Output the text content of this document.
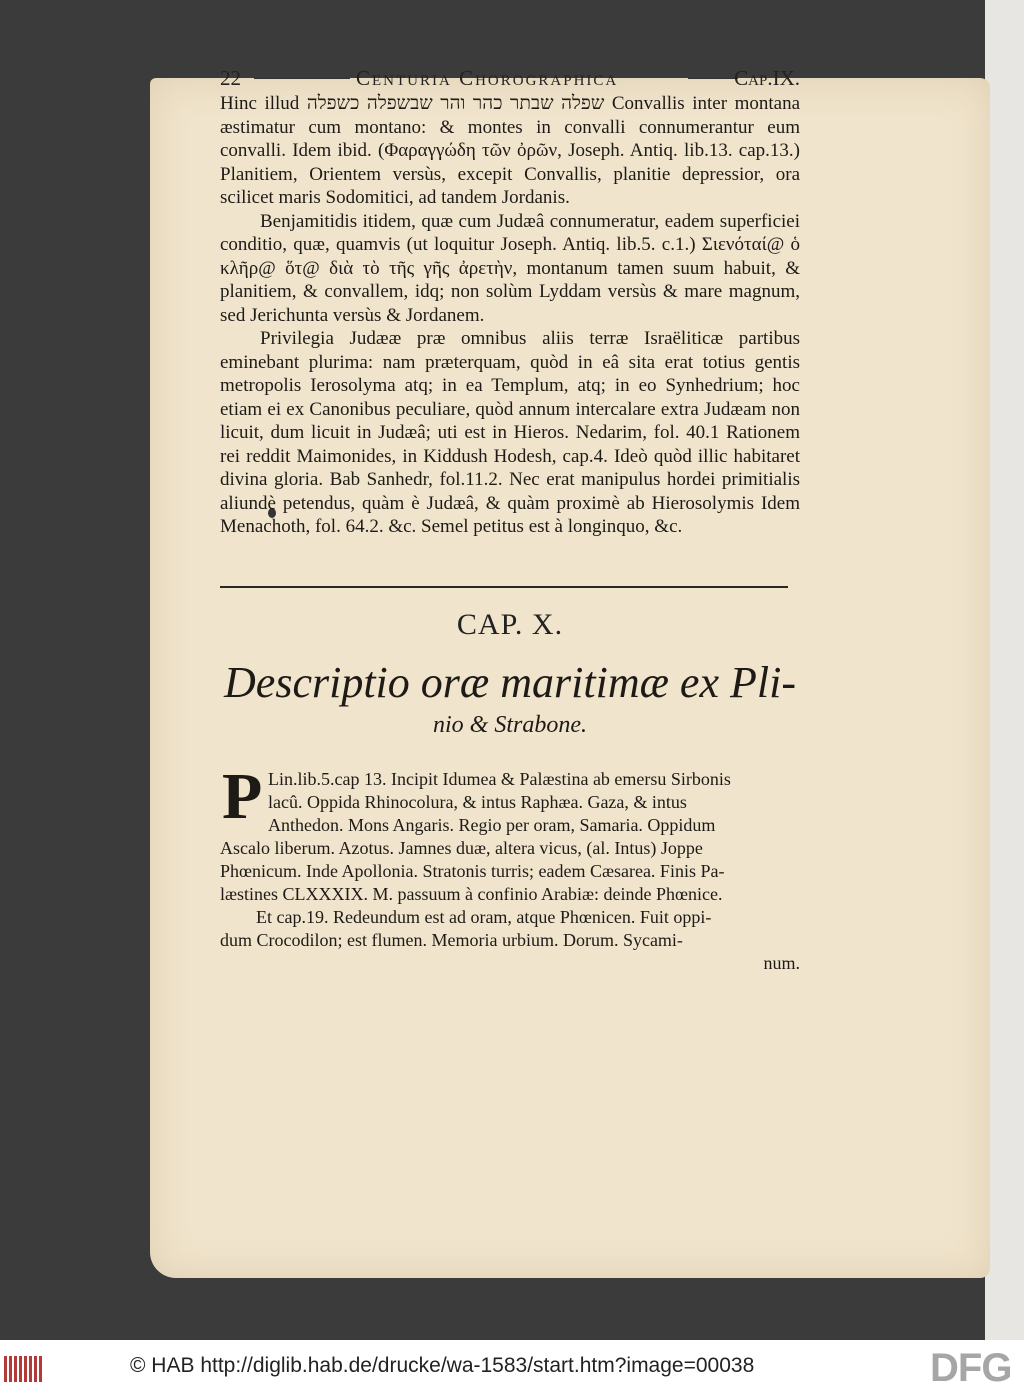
22	Centuria Chorographica	Cap.IX.

Hinc illud שפלה שבתר כהר והר שבשפלה כשפלה Convallis inter montana æstimatur cum montano: & montes in convalli connumerantur eum convalli. Idem ibid. (Φαραγγώδη τῶν ὀρῶν, Joseph. Antiq. lib.13. cap.13.) Planitiem, Orientem versùs, excepit Convallis, planitie depressior, ora scilicet maris Sodomitici, ad tandem Jordanis.

Benjamitidis itidem, quæ cum Judæâ connumeratur, eadem superficiei conditio, quæ, quamvis (ut loquitur Joseph. Antiq. lib.5. c.1.) Σιενόταί@ ὁ κλῆρ@ ὅτ@ διὰ τὸ τῆς γῆς ἀρετὴν, montanum tamen suum habuit, & planitiem, & convallem, idq; non solùm Lyddam versùs & mare magnum, sed Jerichunta versùs & Jordanem.

Privilegia Judææ præ omnibus aliis terræ Israëliticæ partibus eminebant plurima: nam præterquam, quòd in eâ sita erat totius gentis metropolis Ierosolyma atq; in ea Templum, atq; in eo Synhedrium; hoc etiam ei ex Canonibus peculiare, quòd annum intercalare extra Judæam non licuit, dum licuit in Judæâ; uti est in Hieros. Nedarim, fol. 40.1 Rationem rei reddit Maimonides, in Kiddush Hodesh, cap.4. Ideò quòd illic habitaret divina gloria. Bab Sanhedr, fol.11.2. Nec erat manipulus hordei primitialis aliundè petendus, quàm è Judæâ, & quàm proximè ab Hierosolymis Idem Menachoth, fol. 64.2. &c. Semel petitus est à longinquo, &c.

CAP. X.
Descriptio oræ maritimæ ex Pli-
nio & Strabone.
P Lin.lib.5.cap 13. Incipit Idumea & Palæstina ab emersu Sirbonis
lacû. Oppida Rhinocolura, & intus Raphæa. Gaza, & intus
Anthedon. Mons Angaris. Regio per oram, Samaria. Oppidum
Ascalo liberum. Azotus. Jamnes duæ, altera vicus, (al. Intus) Joppe
Phœnicum. Inde Apollonia. Stratonis turris; eadem Cæsarea. Finis Pa-
læstines CLXXXIX. M. passuum à confinio Arabiæ: deinde Phœnice.
Et cap.19. Redeundum est ad oram, atque Phœnicen. Fuit oppi-
dum Crocodilon; est flumen. Memoria urbium. Dorum. Sycami-
num.
© HAB http://diglib.hab.de/drucke/wa-1583/start.htm?image=00038	DFG
